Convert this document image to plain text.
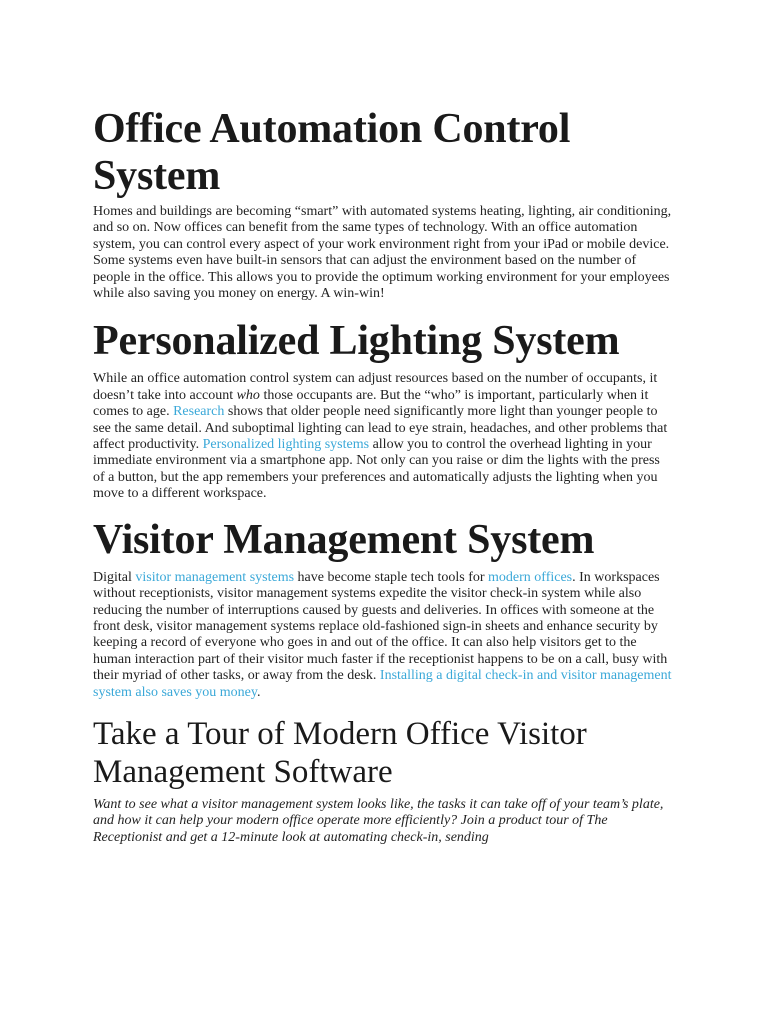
Office Automation Control System

Homes and buildings are becoming “smart” with automated systems heating, lighting, air conditioning, and so on. Now offices can benefit from the same types of technology. With an office automation system, you can control every aspect of your work environment right from your iPad or mobile device. Some systems even have built-in sensors that can adjust the environment based on the number of people in the office. This allows you to provide the optimum working environment for your employees while also saving you money on energy. A win-win!

Personalized Lighting System

While an office automation control system can adjust resources based on the number of occupants, it doesn’t take into account who those occupants are. But the “who” is important, particularly when it comes to age. Research shows that older people need significantly more light than younger people to see the same detail. And suboptimal lighting can lead to eye strain, headaches, and other problems that affect productivity. Personalized lighting systems allow you to control the overhead lighting in your immediate environment via a smartphone app. Not only can you raise or dim the lights with the press of a button, but the app remembers your preferences and automatically adjusts the lighting when you move to a different workspace.

Visitor Management System

Digital visitor management systems have become staple tech tools for modern offices. In workspaces without receptionists, visitor management systems expedite the visitor check-in system while also reducing the number of interruptions caused by guests and deliveries. In offices with someone at the front desk, visitor management systems replace old-fashioned sign-in sheets and enhance security by keeping a record of everyone who goes in and out of the office. It can also help visitors get to the human interaction part of their visitor much faster if the receptionist happens to be on a call, busy with their myriad of other tasks, or away from the desk. Installing a digital check-in and visitor management system also saves you money.

Take a Tour of Modern Office Visitor Management Software

Want to see what a visitor management system looks like, the tasks it can take off of your team’s plate, and how it can help your modern office operate more efficiently? Join a product tour of The Receptionist and get a 12-minute look at automating check-in, sending
